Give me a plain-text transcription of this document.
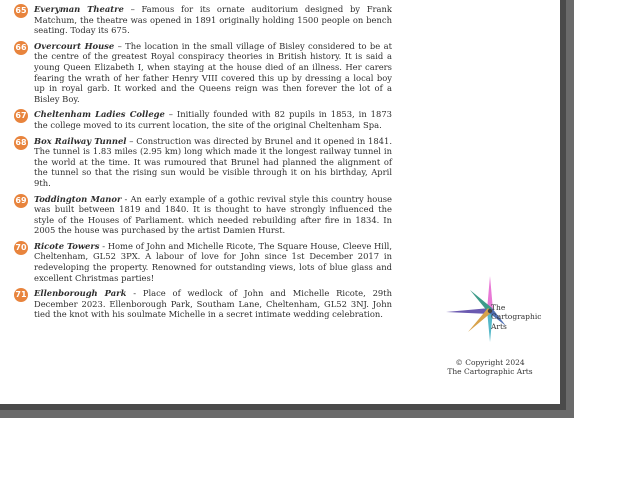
65 Everyman Theatre – Famous for its ornate auditorium designed by Frank Matchum, the theatre was opened in 1891 originally holding 1500 people on bench seating. Today its 675.
66 Overcourt House – The location in the small village of Bisley considered to be at the centre of the greatest Royal conspiracy theories in British history. It is said a young Queen Elizabeth I, when staying at the house died of an illness. Her carers fearing the wrath of her father Henry VIII covered this up by dressing a local boy up in royal garb. It worked and the Queens reign was then forever the lot of a Bisley Boy.
67 Cheltenham Ladies College – Initially founded with 82 pupils in 1853, in 1873 the college moved to its current location, the site of the original Cheltenham Spa.
68 Box Railway Tunnel – Construction was directed by Brunel and it opened in 1841. The tunnel is 1.83 miles (2.95 km) long which made it the longest railway tunnel in the world at the time. It was rumoured that Brunel had planned the alignment of the tunnel so that the rising sun would be visible through it on his birthday, April 9th.
69 Toddington Manor - An early example of a gothic revival style this country house was built between 1819 and 1840. It is thought to have strongly influenced the style of the Houses of Parliament. which needed rebuilding after fire in 1834. In 2005 the house was purchased by the artist Damien Hurst.
70 Ricote Towers - Home of John and Michelle Ricote, The Square House, Cleeve Hill, Cheltenham, GL52 3PX. A labour of love for John since 1st December 2017 in redeveloping the property. Renowned for outstanding views, lots of blue glass and excellent Christmas parties!
71 Ellenborough Park - Place of wedlock of John and Michelle Ricote, 29th December 2023. Ellenborough Park, Southam Lane, Cheltenham, GL52 3NJ. John tied the knot with his soulmate Michelle in a secret intimate wedding celebration.
The
Cartographic
Arts
© Copyright 2024
The Cartographic Arts
